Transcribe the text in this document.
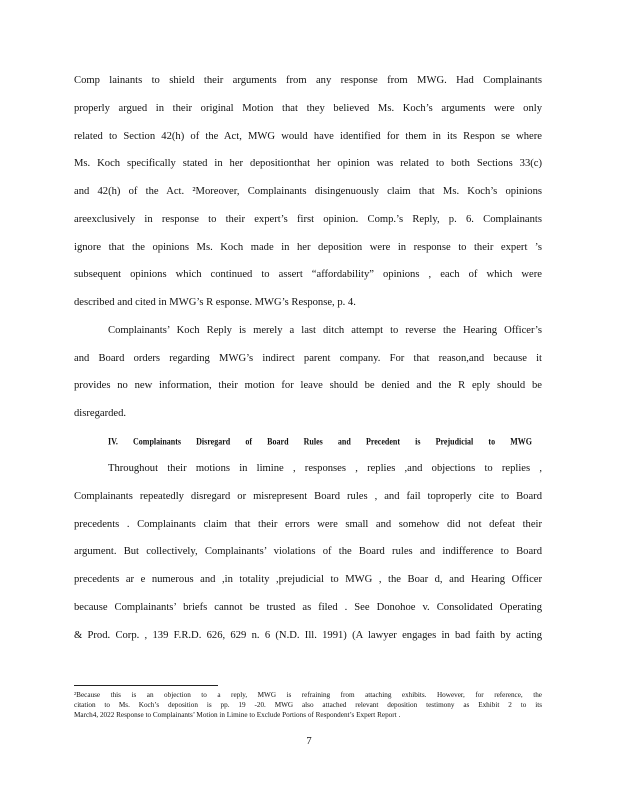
Comp lainants to shield their arguments from any response from MWG. Had Complainants
properly argued in their original Motion that they believed Ms. Koch’s arguments were only
related to Section 42(h) of the Act, MWG would have identified for them in its Respon se where
Ms. Koch specifically stated in her depositionthat her opinion was related to both Sections 33(c)
and 42(h) of the Act. ²Moreover, Complainants disingenuously claim that Ms. Koch’s opinions
areexclusively in response to their expert’s first opinion. Comp.’s Reply, p. 6. Complainants
ignore that the opinions Ms. Koch made in her deposition were in response to their expert ’s
subsequent opinions which continued to assert “affordability” opinions , each of which were
described and cited in MWG’s R esponse. MWG’s Response, p. 4.
Complainants’ Koch Reply is merely a last ditch attempt to reverse the Hearing Officer’s
and Board orders regarding MWG’s indirect parent company. For that reason,and because it
provides no new information, their motion for leave should be denied and the R eply should be
disregarded.
IV. Complainants Disregard of Board Rules and Precedent is Prejudicial to MWG
Throughout their motions in limine , responses , replies ,and objections to replies ,
Complainants repeatedly disregard or misrepresent Board rules , and fail toproperly cite to Board
precedents . Complainants claim that their errors were small and somehow did not defeat their
argument. But collectively, Complainants’ violations of the Board rules and indifference to Board
precedents ar e numerous and ,in totality ,prejudicial to MWG , the Boar d, and Hearing Officer
because Complainants’ briefs cannot be trusted as filed . See Donohoe v. Consolidated Operating
& Prod. Corp. , 139 F.R.D. 626, 629 n. 6 (N.D. Ill. 1991) (A lawyer engages in bad faith by acting
²Because this is an objection to a reply, MWG is refraining from attaching exhibits. However, for reference, the
citation to Ms. Koch’s deposition is pp. 19 -20. MWG also attached relevant deposition testimony as Exhibit 2 to its
March4, 2022 Response to Complainants’ Motion in Limine to Exclude Portions of Respondent’s Expert Report .
7
